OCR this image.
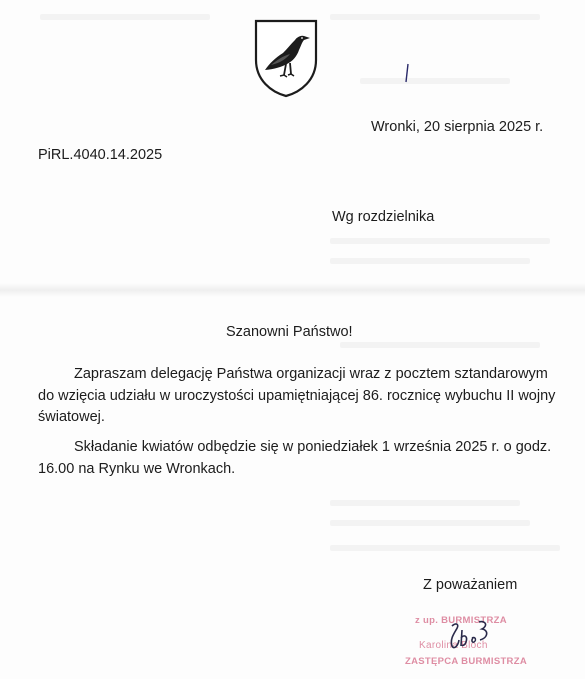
Wronki, 20 sierpnia 2025 r.

PiRL.4040.14.2025

Wg rozdzielnika

Szanowni Państwo!

Zapraszam delegację Państwa organizacji wraz z pocztem sztandarowym
do wzięcia udziału w uroczystości upamiętniającej 86. rocznicę wybuchu II wojny
światowej.
Składanie kwiatów odbędzie się w poniedziałek 1 września 2025 r. o godz.
16.00 na Rynku we Wronkach.

Z poważaniem

z up. BURMISTRZA
Karolina Bloch
ZASTĘPCA BURMISTRZA
